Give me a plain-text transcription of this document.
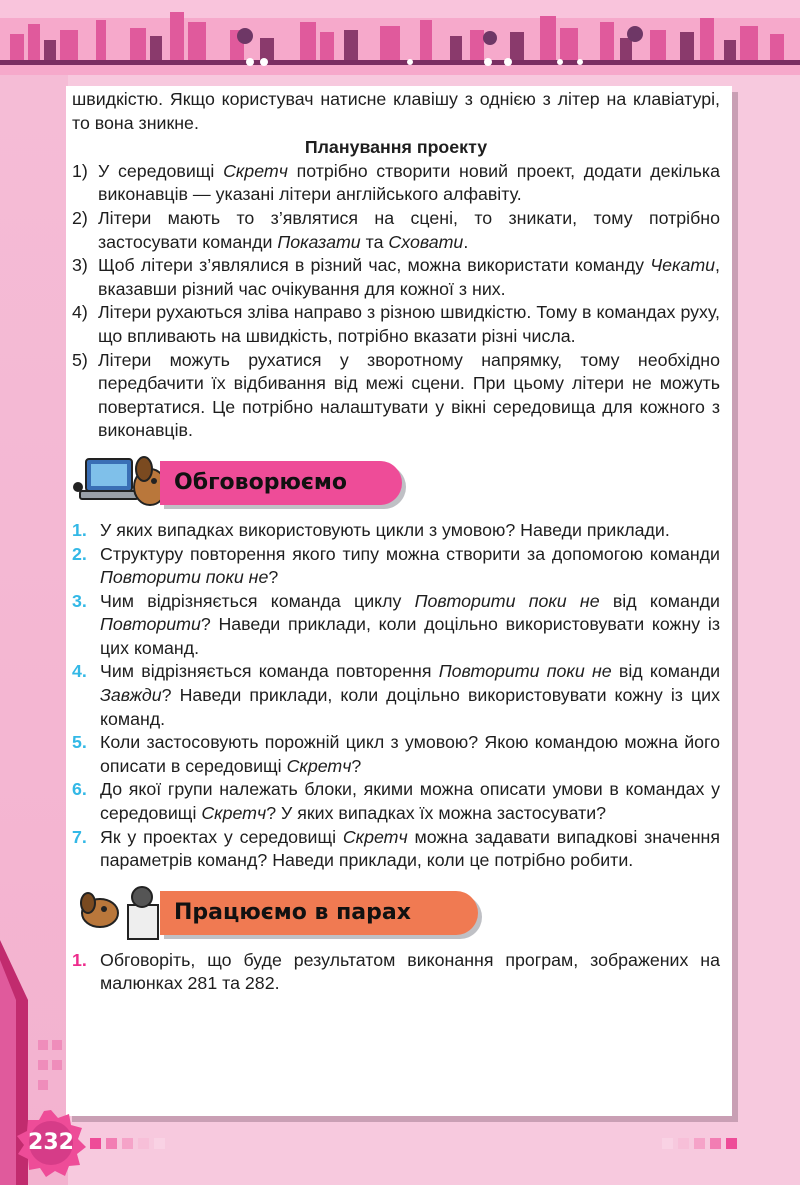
швидкістю. Якщо користувач натисне клавішу з однією з літер на клавіатурі, то вона зникне.

Планування проекту

1) У середовищі Скретч потрібно створити новий проект, додати декілька виконавців — указані літери англійського алфавіту.
2) Літери мають то з’являтися на сцені, то зникати, тому потрібно застосувати команди Показати та Сховати.
3) Щоб літери з’являлися в різний час, можна використати команду Чекати, вказавши різний час очікування для кожної з них.
4) Літери рухаються зліва направо з різною швидкістю. Тому в командах руху, що впливають на швидкість, потрібно вказати різні числа.
5) Літери можуть рухатися у зворотному напрямку, тому необхідно передбачити їх відбивання від межі сцени. При цьому літери не можуть повертатися. Це потрібно налаштувати у вікні середовища для кожного з виконавців.
Обговорюємо
1. У яких випадках використовують цикли з умовою? Наведи приклади.
2. Структуру повторення якого типу можна створити за допомогою команди Повторити поки не?
3. Чим відрізняється команда циклу Повторити поки не від команди Повторити? Наведи приклади, коли доцільно використовувати кожну із цих команд.
4. Чим відрізняється команда повторення Повторити поки не від команди Завжди? Наведи приклади, коли доцільно використовувати кожну із цих команд.
5. Коли застосовують порожній цикл з умовою? Якою командою можна його описати в середовищі Скретч?
6. До якої групи належать блоки, якими можна описати умови в командах у середовищі Скретч? У яких випадках їх можна застосувати?
7. Як у проектах у середовищі Скретч можна задавати випадкові значення параметрів команд? Наведи приклади, коли це потрібно робити.
Працюємо в парах
1. Обговоріть, що буде результатом виконання програм, зображених на малюнках 281 та 282.
232
